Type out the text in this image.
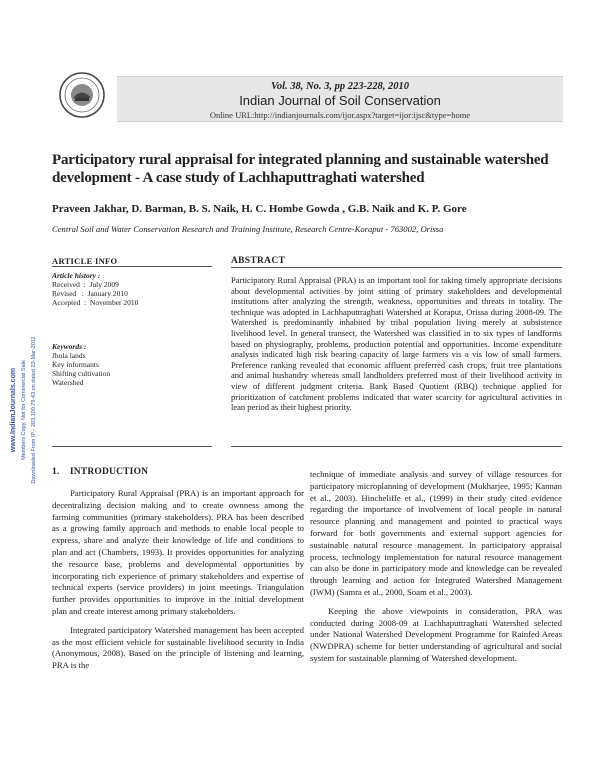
Vol. 38, No. 3, pp 223-228, 2010
Indian Journal of Soil Conservation
Online URL:http://indianjournals.com/ijor.aspx?target=ijor:ijsc&type=home
Participatory rural appraisal for integrated planning and sustainable watershed development - A case study of Lachhaputtraghati watershed
Praveen Jakhar, D. Barman, B. S. Naik, H. C. Hombe Gowda , G.B. Naik and K. P. Gore
Central Soil and Water Conservation Research and Training Institute, Research Centre-Koraput - 763002, Orissa
ARTICLE INFO
Article history :
Received  :  July 2009
Revised   :  January 2010
Accepted  :  November 2010
Keywords :
Jhola lands
Key informants
Shifting cultivation
Watershed
ABSTRACT
Participatory Rural Appraisal (PRA) is an important tool for taking timely appropriate decisions about developmental activities by joint sitting of primary stakeholders and developmental institutions after analyzing the strength, weakness, opportunities and threats in totality. The technique was adopted in Lachhaputtraghati Watershed at Koraput, Orissa during 2008-09. The Watershed is predominantly inhabited by tribal population living merely at subsistence livelihood level. In general transect, the Watershed was classified in to six types of landforms based on physiography, problems, production potential and opportunities. Income expenditure analysis indicated high risk bearing capacity of large farmers vis a vis low of small farmers. Preference ranking revealed that economic affluent preferred cash crops, fruit tree plantations and animal husbandry whereas small landholders preferred most of their livelihood activity in view of different judgment criteria. Rank Based Quotient (RBQ) technique applied for prioritization of catchment problems indicated that water scarcity for agricultural activities in lean period as their highest priority.
www.IndianJournals.com Members Copy, Not for Commercial Sale Downloaded From IP - 203.100.79.43 on dated 23-Mar-2011 1.    INTRODUCTION

Participatory Rural Appraisal (PRA) is an important approach for decentralizing decision making and to create ownness among the farming communities (primary stakeholders). PRA has been described as a growing family approach and methods to enable local people to express, share and analyze their knowledge of life and conditions to plan and act (Chambers, 1993). It provides opportunities for analyzing the resource base, problems and developmental opportunities by incorporating rich experience of primary stakeholders and expertise of technical experts (service providers) in joint meetings. Triangulation further provides opportunities to improve in the initial development plan and create interest among primary stakeholders.

Integrated participatory Watershed management has been accepted as the most efficient vehicle for sustainable livelihood security in India (Anonymous, 2008). Based on the principle of listening and learning, PRA is the

technique of immediate analysis and survey of village resources for participatory microplanning of development (Mukharjee, 1995; Kannan et al., 2003). Hincheliffe et al., (1999) in their study cited evidence regarding the importance of involvement of local people in natural resource planning and management and pointed to practical ways forward for both governments and external support agencies for sustainable natural resource management. In participatory appraisal process, technology implementation for natural resource management can also be done in participatory mode and knowledge can be revealed through learning and action for Integrated Watershed Management (IWM) (Samra et al., 2000, Soam et al., 2003).

Keeping the above viewpoints in consideration, PRA was conducted during 2008-09 at Lachhaputtraghati Watershed selected under National Watershed Development Programme for Rainfed Areas (NWDPRA) scheme for better understanding of agricultural and social system for sustainable planning of Watershed development.
